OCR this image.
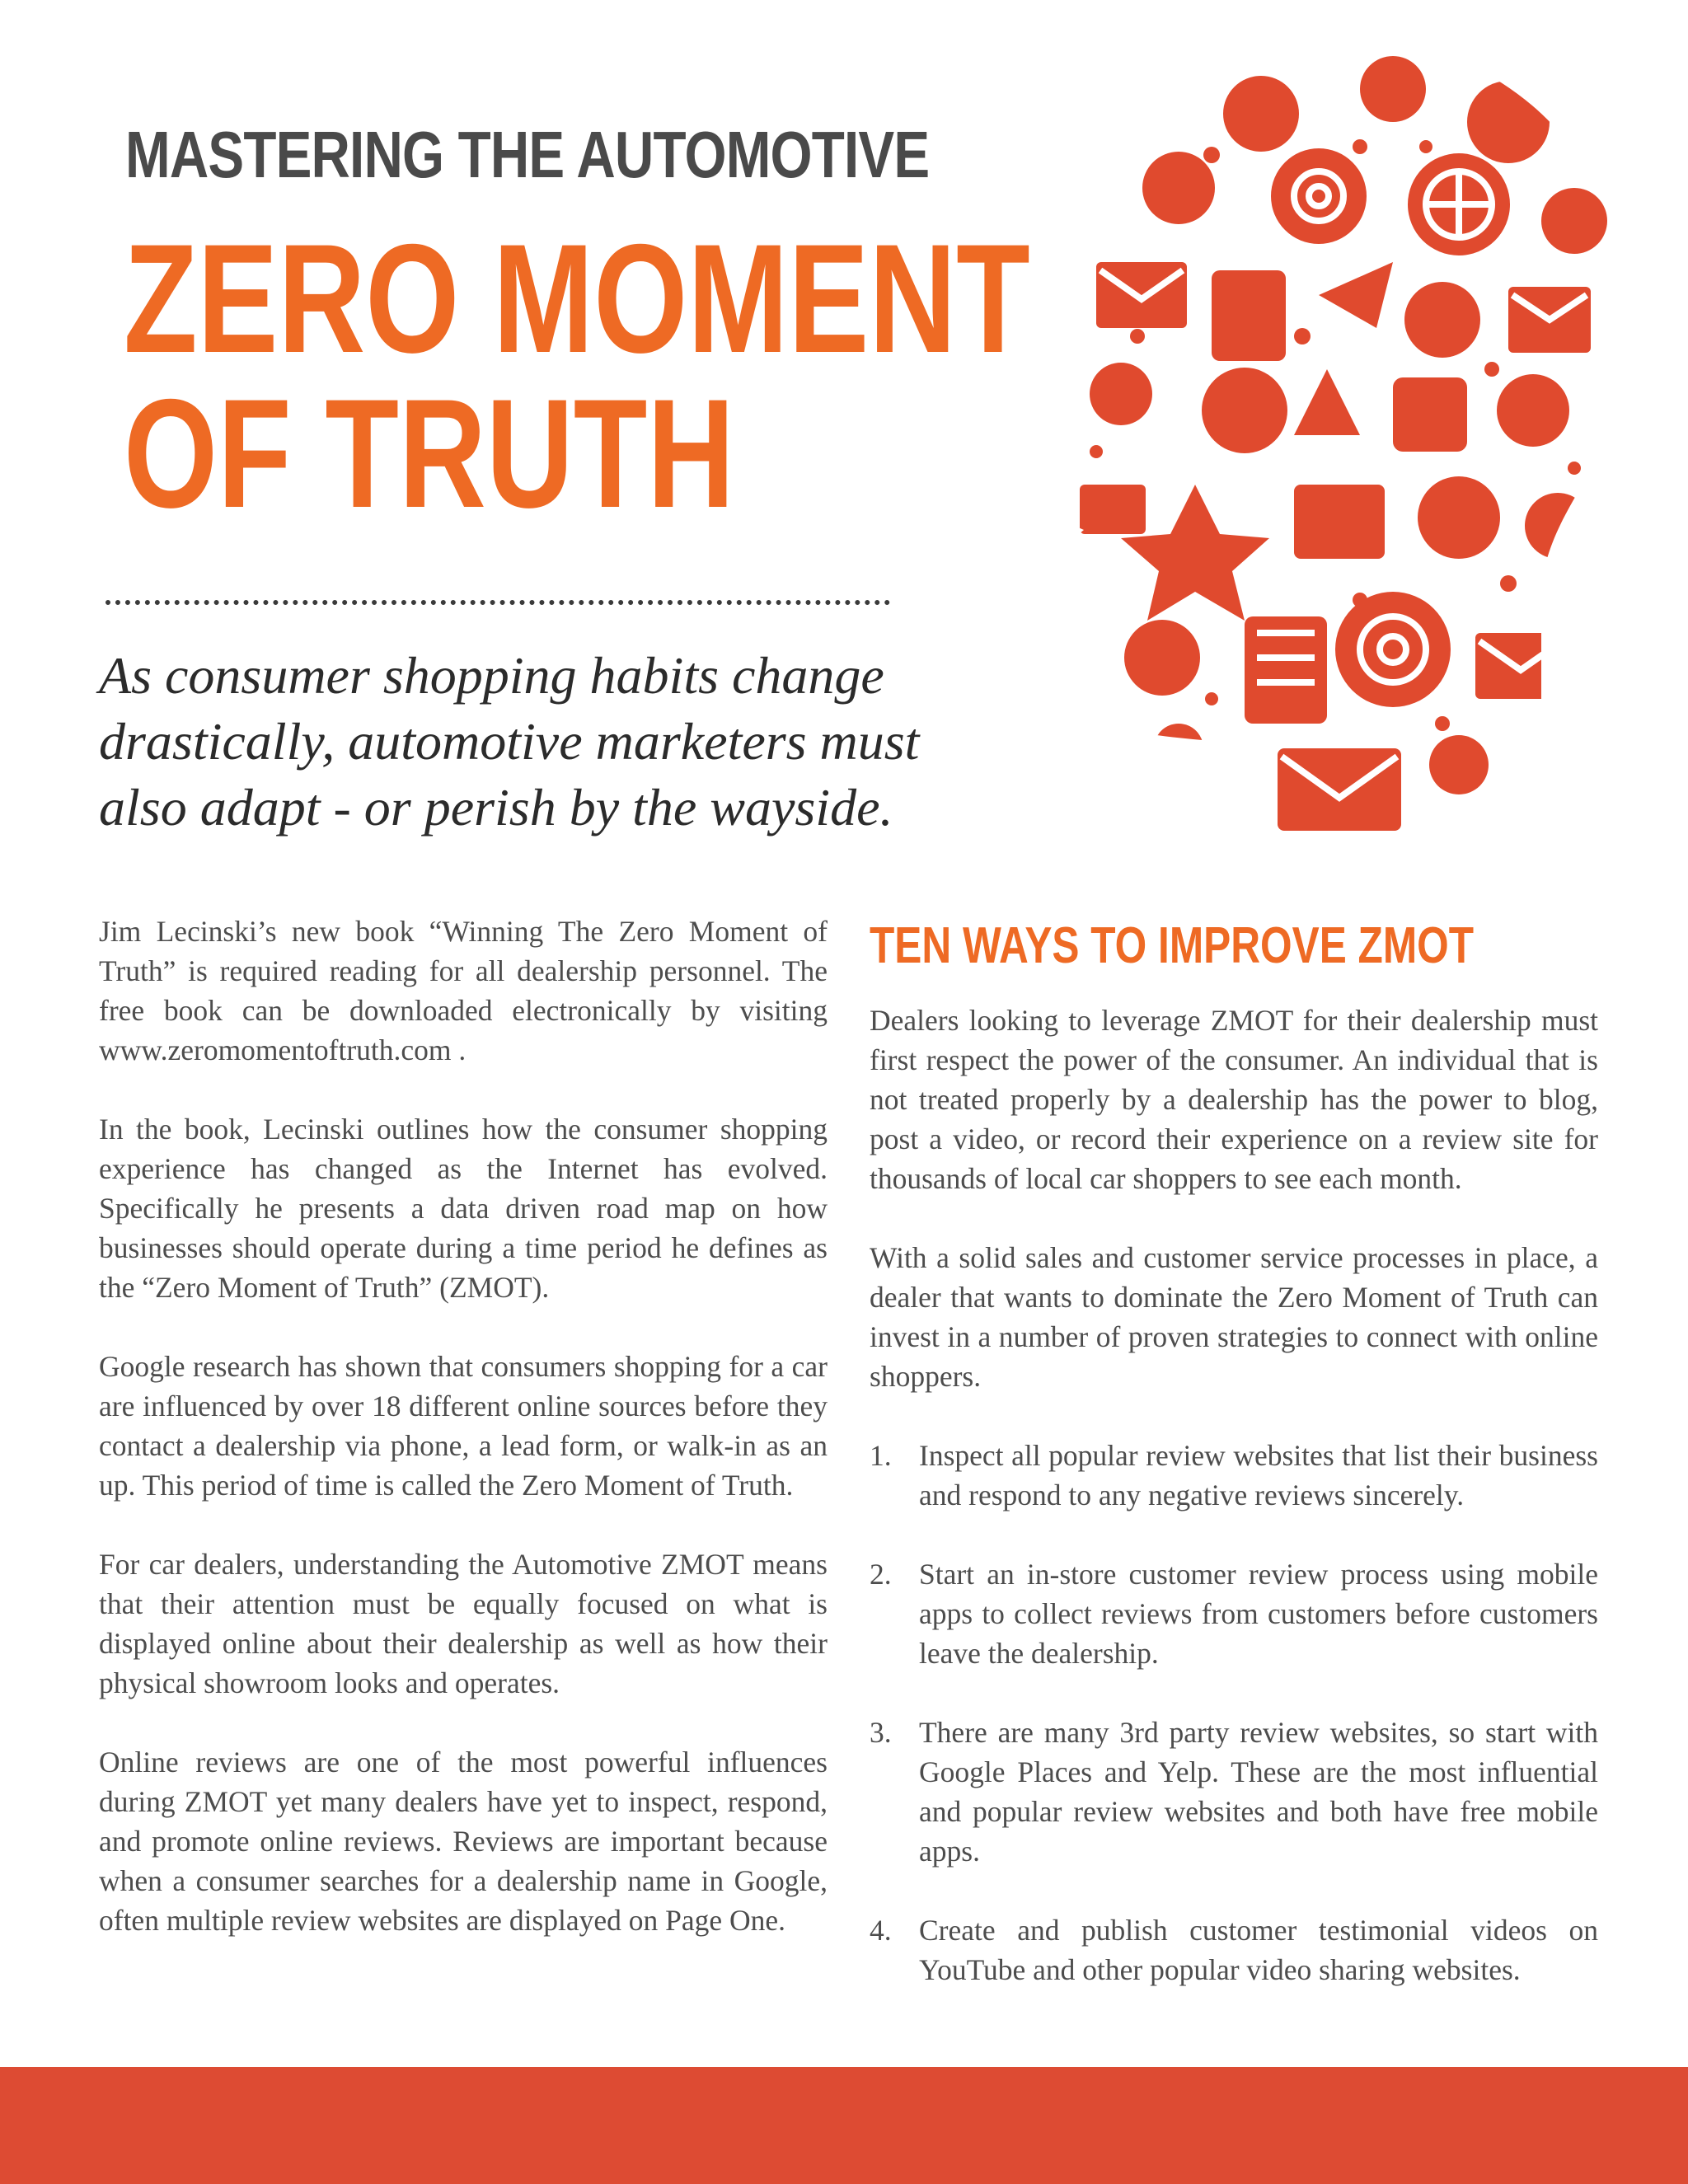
MASTERING THE AUTOMOTIVE
ZERO MOMENT
OF TRUTH
As consumer shopping habits change
drastically, automotive marketers must
also adapt - or perish by the wayside.

Jim Lecinski’s new book “Winning The Zero Moment of Truth” is required reading for all dealership personnel. The free book can be downloaded electronically by visiting www.zeromomentoftruth.com .

In the book, Lecinski outlines how the consumer shopping experience has changed as the Internet has evolved. Specifically he presents a data driven road map on how businesses should operate during a time period he defines as the “Zero Moment of Truth” (ZMOT).

Google research has shown that consumers shopping for a car are influenced by over 18 different online sources before they contact a dealership via phone, a lead form, or walk-in as an up. This period of time is called the Zero Moment of Truth.

For car dealers, understanding the Automotive ZMOT means that their attention must be equally focused on what is displayed online about their dealership as well as how their physical showroom looks and operates.

Online reviews are one of the most powerful influences during ZMOT yet many dealers have yet to inspect, respond, and promote online reviews. Reviews are important because when a consumer searches for a dealership name in Google, often multiple review websites are displayed on Page One.

TEN WAYS TO IMPROVE ZMOT

Dealers looking to leverage ZMOT for their dealership must first respect the power of the consumer. An individual that is not treated properly by a dealership has the power to blog, post a video, or record their experience on a review site for thousands of local car shoppers to see each month.

With a solid sales and customer service processes in place, a dealer that wants to dominate the Zero Moment of Truth can invest in a number of proven strategies to connect with online shoppers.

1. Inspect all popular review websites that list their business and respond to any negative reviews sincerely.
2. Start an in-store customer review process using mobile apps to collect reviews from customers before customers leave the dealership.
3. There are many 3rd party review websites, so start with Google Places and Yelp. These are the most influential and popular review websites and both have free mobile apps.
4. Create and publish customer testimonial videos on YouTube and other popular video sharing websites.
